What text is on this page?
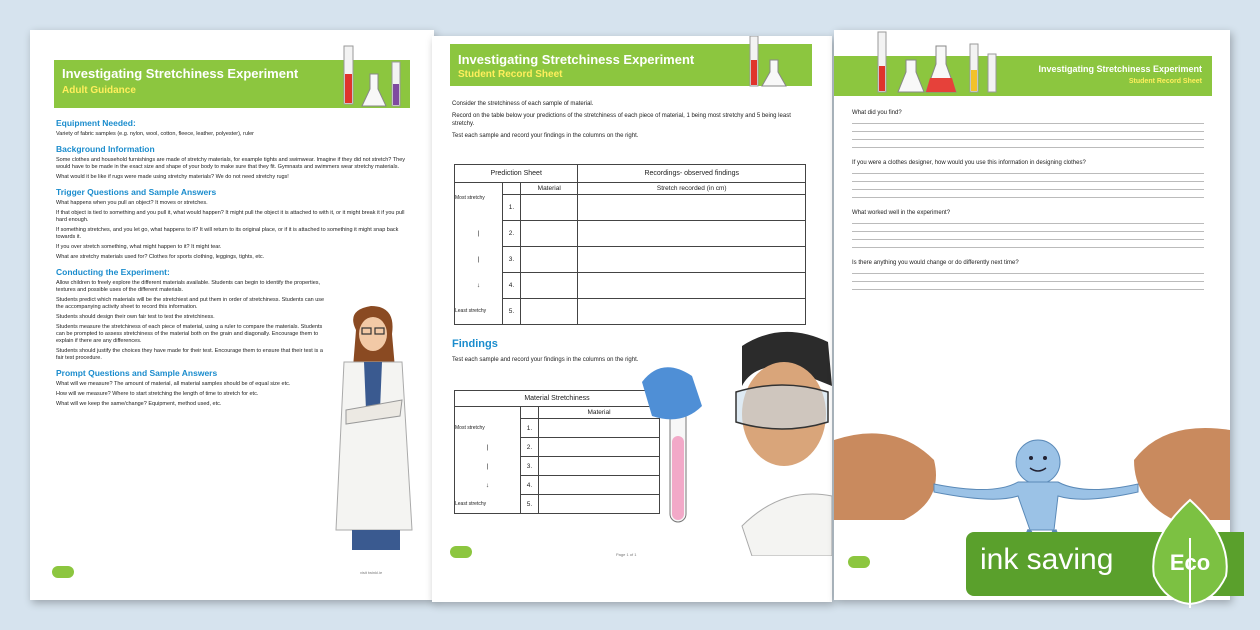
Investigating Stretchiness Experiment
Adult Guidance
Equipment Needed:
Variety of fabric samples (e.g. nylon, wool, cotton, fleece, leather, polyester), ruler
Background Information
Some clothes and household furnishings are made of stretchy materials, for example tights and swimwear. Imagine if they did not stretch? They would have to be made in the exact size and shape of your body to make sure that they fit. Gymnasts and swimmers wear stretchy materials.
What would it be like if rugs were made using stretchy materials? We do not need stretchy rugs!
Trigger Questions and Sample Answers
What happens when you pull an object? It moves or stretches.
If that object is tied to something and you pull it, what would happen? It might pull the object it is attached to with it, or it might break it if you pull hard enough.
If something stretches, and you let go, what happens to it? It will return to its original place, or if it is attached to something it might snap back towards it.
If you over stretch something, what might happen to it? It might tear.
What are stretchy materials used for? Clothes for sports clothing, leggings, tights, etc.
Conducting the Experiment:
Allow children to freely explore the different materials available. Students can begin to identify the properties, textures and possible uses of the different materials.
Students predict which materials will be the stretchiest and put them in order of stretchiness. Students can use the accompanying activity sheet to record this information.
Students should design their own fair test to test the stretchiness.
Students measure the stretchiness of each piece of material, using a ruler to compare the materials. Students can be prompted to assess stretchiness of the material both on the grain and diagonally. Encourage them to explain if there are any differences.
Students should justify the choices they have made for their test. Encourage them to ensure that their test is a fair test procedure.
Prompt Questions and Sample Answers
What will we measure? The amount of material, all material samples should be of equal size etc.
How will we measure? Where to start stretching the length of time to stretch for etc.
What will we keep the same/change? Equipment, method used, etc.
visit twinkl.ie
Investigating Stretchiness Experiment
Student Record Sheet
Consider the stretchiness of each sample of material.
Record on the table below your predictions of the stretchiness of each piece of material, 1 being most stretchy and 5 being least stretchy.
Test each sample and record your findings in the columns on the right.
Prediction Sheet			Recordings- observed findings
		Material	Stretch recorded (in cm)
Most stretchy	1.		
|	2.		
|	3.		
↓	4.		
Least stretchy	5.		
Findings
Test each sample and record your findings in the columns on the right.
Material Stretchiness		
		Material
Most stretchy	1.	
|	2.	
|	3.	
↓	4.	
Least stretchy	5.	
Page 1 of 1
Investigating Stretchiness Experiment
Student Record Sheet
What did you find?
If you were a clothes designer, how would you use this information in designing clothes?
What worked well in the experiment?
Is there anything you would change or do differently next time?
ink saving	Eco
